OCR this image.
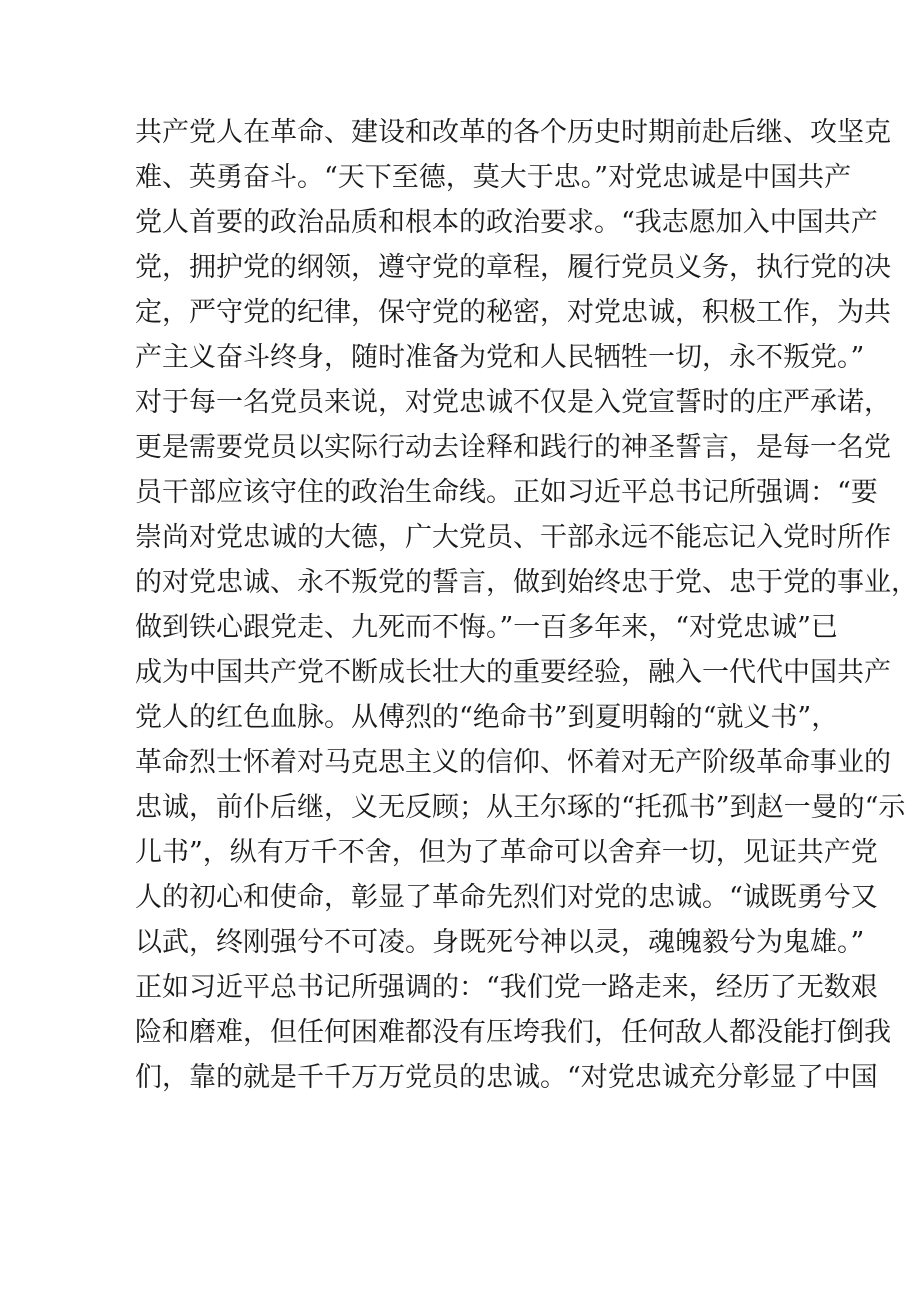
共产党人在革命、建设和改革的各个历史时期前赴后继、攻坚克
难、英勇奋斗。“天下至德，莫大于忠。”对党忠诚是中国共产
党人首要的政治品质和根本的政治要求。“我志愿加入中国共产
党，拥护党的纲领，遵守党的章程，履行党员义务，执行党的决
定，严守党的纪律，保守党的秘密，对党忠诚，积极工作，为共
产主义奋斗终身，随时准备为党和人民牺牲一切，永不叛党。”
对于每一名党员来说，对党忠诚不仅是入党宣誓时的庄严承诺，
更是需要党员以实际行动去诠释和践行的神圣誓言，是每一名党
员干部应该守住的政治生命线。正如习近平总书记所强调：“要
崇尚对党忠诚的大德，广大党员、干部永远不能忘记入党时所作
的对党忠诚、永不叛党的誓言，做到始终忠于党、忠于党的事业，
做到铁心跟党走、九死而不悔。”一百多年来，“对党忠诚”已
成为中国共产党不断成长壮大的重要经验，融入一代代中国共产
党人的红色血脉。从傅烈的“绝命书”到夏明翰的“就义书”，
革命烈士怀着对马克思主义的信仰、怀着对无产阶级革命事业的
忠诚，前仆后继，义无反顾；从王尔琢的“托孤书”到赵一曼的“示
儿书”，纵有万千不舍，但为了革命可以舍弃一切，见证共产党
人的初心和使命，彰显了革命先烈们对党的忠诚。“诚既勇兮又
以武，终刚强兮不可凌。身既死兮神以灵，魂魄毅兮为鬼雄。”
正如习近平总书记所强调的：“我们党一路走来，经历了无数艰
险和磨难，但任何困难都没有压垮我们，任何敌人都没能打倒我
们，靠的就是千千万万党员的忠诚。“对党忠诚充分彰显了中国
